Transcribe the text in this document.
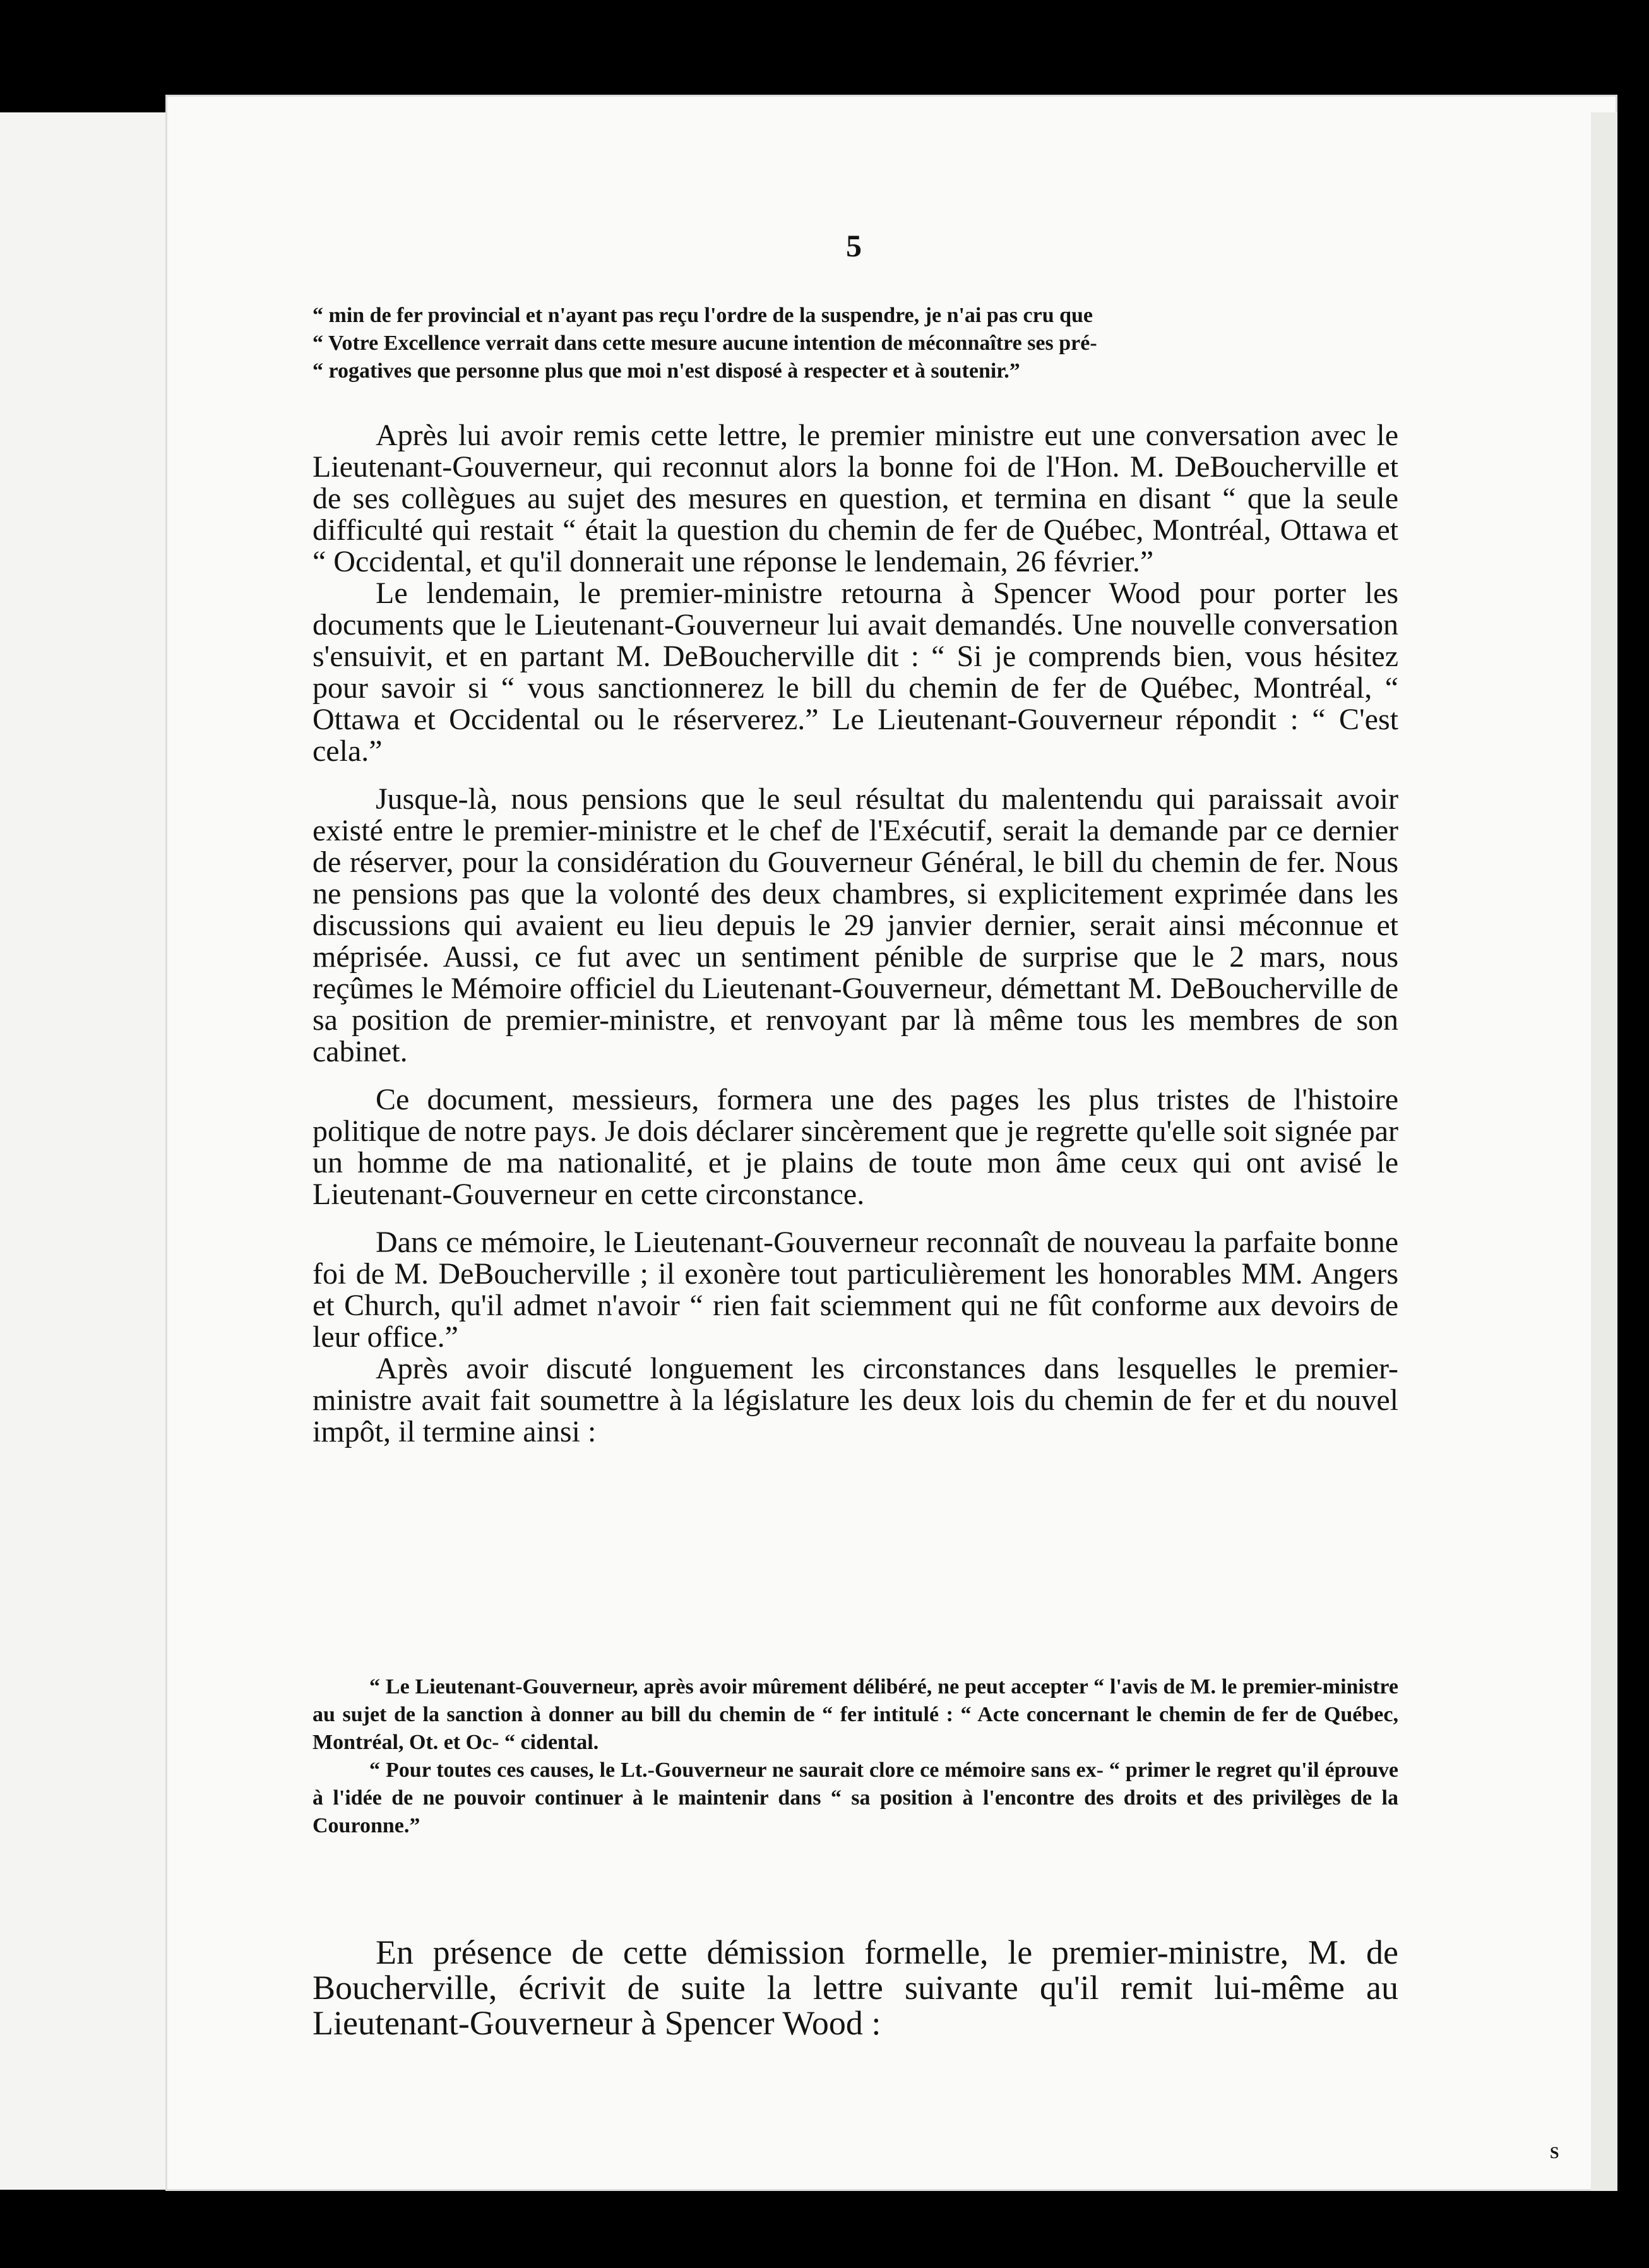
5

“ min de fer provincial et n'ayant pas reçu l'ordre de la suspendre, je n'ai pas cru que

“ Votre Excellence verrait dans cette mesure aucune intention de méconnaître ses pré-

“ rogatives que personne plus que moi n'est disposé à respecter et à soutenir.”

Après lui avoir remis cette lettre, le premier ministre eut une conversation avec le Lieutenant-Gouverneur, qui reconnut alors la bonne foi de l'Hon. M. DeBoucherville et de ses collègues au sujet des mesures en question, et termina en disant “ que la seule difficulté qui restait “ était la question du chemin de fer de Québec, Montréal, Ottawa et “ Occidental, et qu'il donnerait une réponse le lendemain, 26 février.”

Le lendemain, le premier-ministre retourna à Spencer Wood pour porter les documents que le Lieutenant-Gouverneur lui avait demandés. Une nouvelle conversation s'ensuivit, et en partant M. DeBoucherville dit : “ Si je comprends bien, vous hésitez pour savoir si “ vous sanctionnerez le bill du chemin de fer de Québec, Montréal, “ Ottawa et Occidental ou le réserverez.” Le Lieutenant-Gouverneur répondit : “ C'est cela.”

Jusque-là, nous pensions que le seul résultat du malentendu qui paraissait avoir existé entre le premier-ministre et le chef de l'Exécutif, serait la demande par ce dernier de réserver, pour la considération du Gouverneur Général, le bill du chemin de fer. Nous ne pensions pas que la volonté des deux chambres, si explicitement exprimée dans les discussions qui avaient eu lieu depuis le 29 janvier dernier, serait ainsi méconnue et méprisée. Aussi, ce fut avec un sentiment pénible de surprise que le 2 mars, nous reçûmes le Mémoire officiel du Lieutenant-Gouverneur, démettant M. DeBoucherville de sa position de premier-ministre, et renvoyant par là même tous les membres de son cabinet.

Ce document, messieurs, formera une des pages les plus tristes de l'histoire politique de notre pays. Je dois déclarer sincèrement que je regrette qu'elle soit signée par un homme de ma nationalité, et je plains de toute mon âme ceux qui ont avisé le Lieutenant-Gouverneur en cette circonstance.

Dans ce mémoire, le Lieutenant-Gouverneur reconnaît de nouveau la parfaite bonne foi de M. DeBoucherville ; il exonère tout particulièrement les honorables MM. Angers et Church, qu'il admet n'avoir “ rien fait sciemment qui ne fût conforme aux devoirs de leur office.”

Après avoir discuté longuement les circonstances dans lesquelles le premier-ministre avait fait soumettre à la législature les deux lois du chemin de fer et du nouvel impôt, il termine ainsi :

“ Le Lieutenant-Gouverneur, après avoir mûrement délibéré, ne peut accepter “ l'avis de M. le premier-ministre au sujet de la sanction à donner au bill du chemin de “ fer intitulé : “ Acte concernant le chemin de fer de Québec, Montréal, Ot. et Oc- “ cidental.

“ Pour toutes ces causes, le Lt.-Gouverneur ne saurait clore ce mémoire sans ex- “ primer le regret qu'il éprouve à l'idée de ne pouvoir continuer à le maintenir dans “ sa position à l'encontre des droits et des privilèges de la Couronne.”

En présence de cette démission formelle, le premier-ministre, M. de Boucherville, écrivit de suite la lettre suivante qu'il remit lui-même au Lieutenant-Gouverneur à Spencer Wood :

S
